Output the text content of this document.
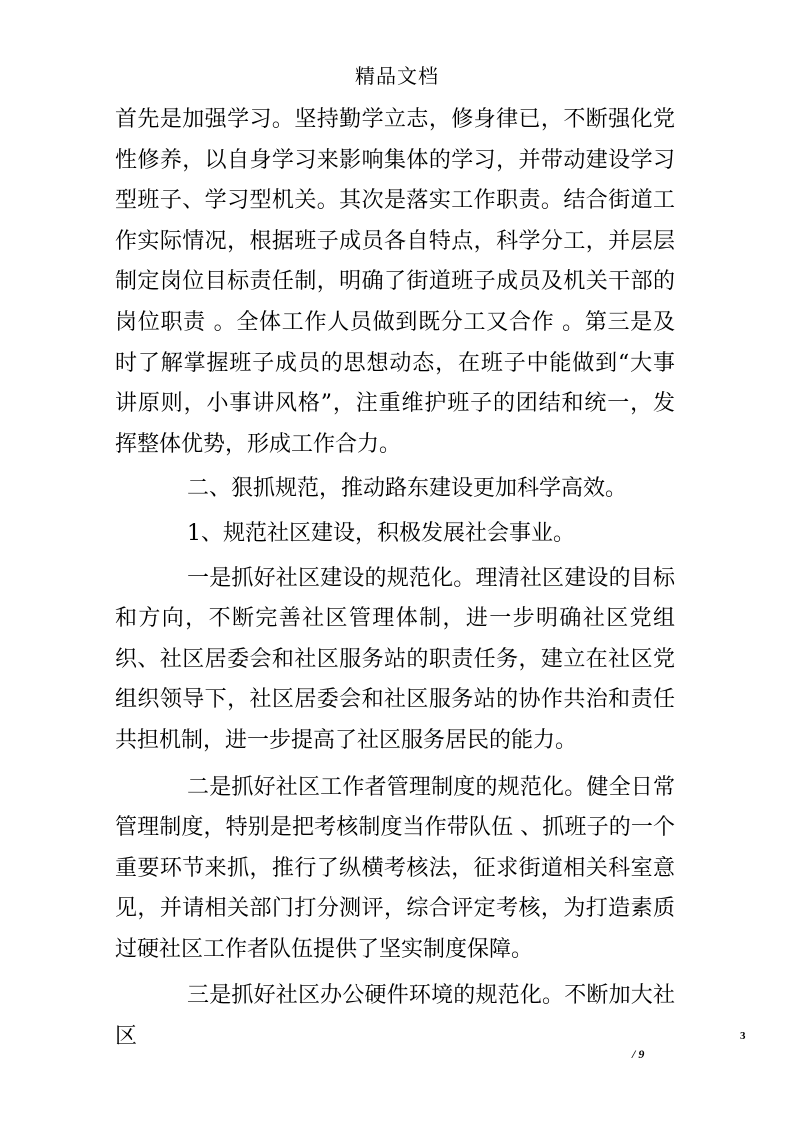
精品文档

首先是加强学习。坚持勤学立志，修身律已，不断强化党性修养，以自身学习来影响集体的学习，并带动建设学习型班子、学习型机关。其次是落实工作职责。结合街道工作实际情况，根据班子成员各自特点，科学分工，并层层制定岗位目标责任制，明确了街道班子成员及机关干部的岗位职责 。全体工作人员做到既分工又合作 。第三是及时了解掌握班子成员的思想动态，在班子中能做到“大事讲原则，小事讲风格”，注重维护班子的团结和统一，发挥整体优势，形成工作合力。

二、狠抓规范，推动路东建设更加科学高效。

1、规范社区建设，积极发展社会事业。

一是抓好社区建设的规范化。理清社区建设的目标和方向，不断完善社区管理体制，进一步明确社区党组织、社区居委会和社区服务站的职责任务，建立在社区党组织领导下，社区居委会和社区服务站的协作共治和责任共担机制，进一步提高了社区服务居民的能力。

二是抓好社区工作者管理制度的规范化。健全日常管理制度，特别是把考核制度当作带队伍 、抓班子的一个重要环节来抓，推行了纵横考核法，征求街道相关科室意见，并请相关部门打分测评，综合评定考核，为打造素质过硬社区工作者队伍提供了坚实制度保障。

三是抓好社区办公硬件环境的规范化。不断加大社区	3
/ 9
